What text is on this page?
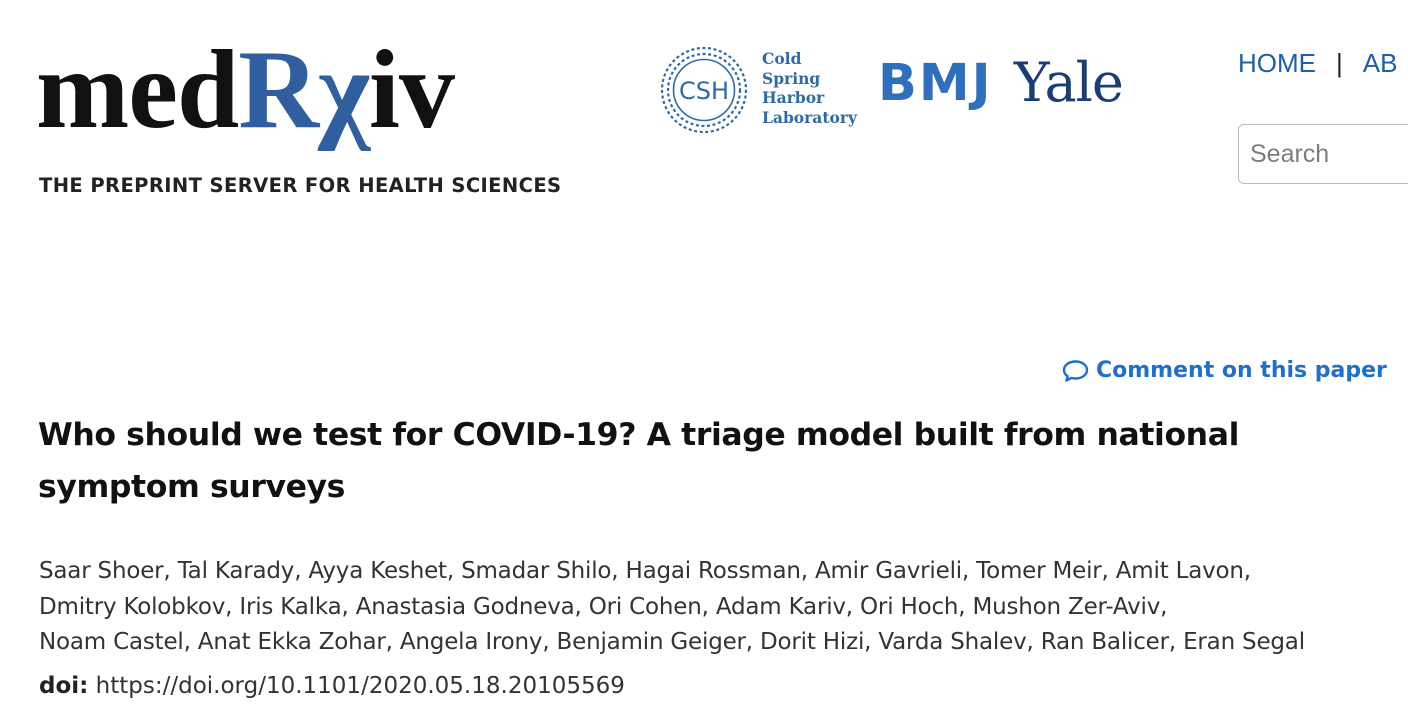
medRχiv
THE PREPRINT SERVER FOR HEALTH SCIENCES
CSH
Cold
Spring
Harbor
Laboratory
BMJ Yale	HOME | AB
Search
Comment on this paper
Who should we test for COVID-19? A triage model built from national symptom surveys

Saar Shoer, Tal Karady, Ayya Keshet, Smadar Shilo, Hagai Rossman, Amir Gavrieli, Tomer Meir, Amit Lavon,
Dmitry Kolobkov, Iris Kalka, Anastasia Godneva, Ori Cohen, Adam Kariv, Ori Hoch, Mushon Zer-Aviv,
Noam Castel, Anat Ekka Zohar, Angela Irony, Benjamin Geiger, Dorit Hizi, Varda Shalev, Ran Balicer, Eran Segal

doi: https://doi.org/10.1101/2020.05.18.20105569
